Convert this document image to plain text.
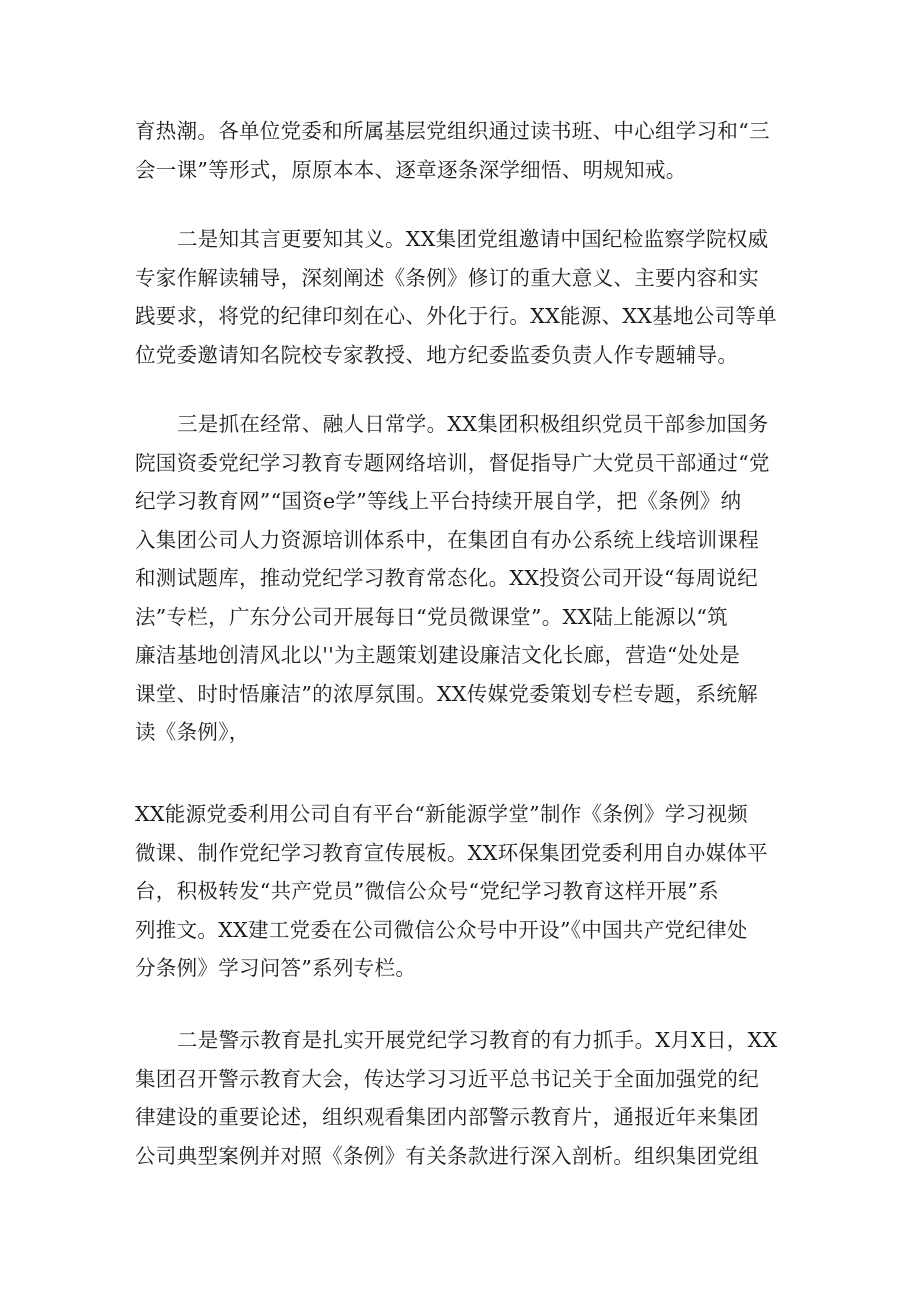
育热潮。各单位党委和所属基层党组织通过读书班、中心组学习和“三
会一课”等形式，原原本本、逐章逐条深学细悟、明规知戒。
二是知其言更要知其义。XX集团党组邀请中国纪检监察学院权威
专家作解读辅导，深刻阐述《条例》修订的重大意义、主要内容和实
践要求，将党的纪律印刻在心、外化于行。XX能源、XX基地公司等单
位党委邀请知名院校专家教授、地方纪委监委负责人作专题辅导。
三是抓在经常、融人日常学。XX集团积极组织党员干部参加国务
院国资委党纪学习教育专题网络培训，督促指导广大党员干部通过“党
纪学习教育网”“国资e学”等线上平台持续开展自学，把《条例》纳
入集团公司人力资源培训体系中，在集团自有办公系统上线培训课程
和测试题库，推动党纪学习教育常态化。XX投资公司开设“每周说纪
法”专栏，广东分公司开展每日“党员微课堂”。XX陆上能源以“筑
廉洁基地创清风北以''为主题策划建设廉洁文化长廊，营造“处处是
课堂、时时悟廉洁”的浓厚氛围。XX传媒党委策划专栏专题，系统解
读《条例》，
XX能源党委利用公司自有平台“新能源学堂”制作《条例》学习视频
微课、制作党纪学习教育宣传展板。XX环保集团党委利用自办媒体平
台，积极转发“共产党员”微信公众号“党纪学习教育这样开展”系
列推文。XX建工党委在公司微信公众号中开设”《中国共产党纪律处
分条例》学习问答”系列专栏。
二是警示教育是扎实开展党纪学习教育的有力抓手。X月X日，XX
集团召开警示教育大会，传达学习习近平总书记关于全面加强党的纪
律建设的重要论述，组织观看集团内部警示教育片，通报近年来集团
公司典型案例并对照《条例》有关条款进行深入剖析。组织集团党组
